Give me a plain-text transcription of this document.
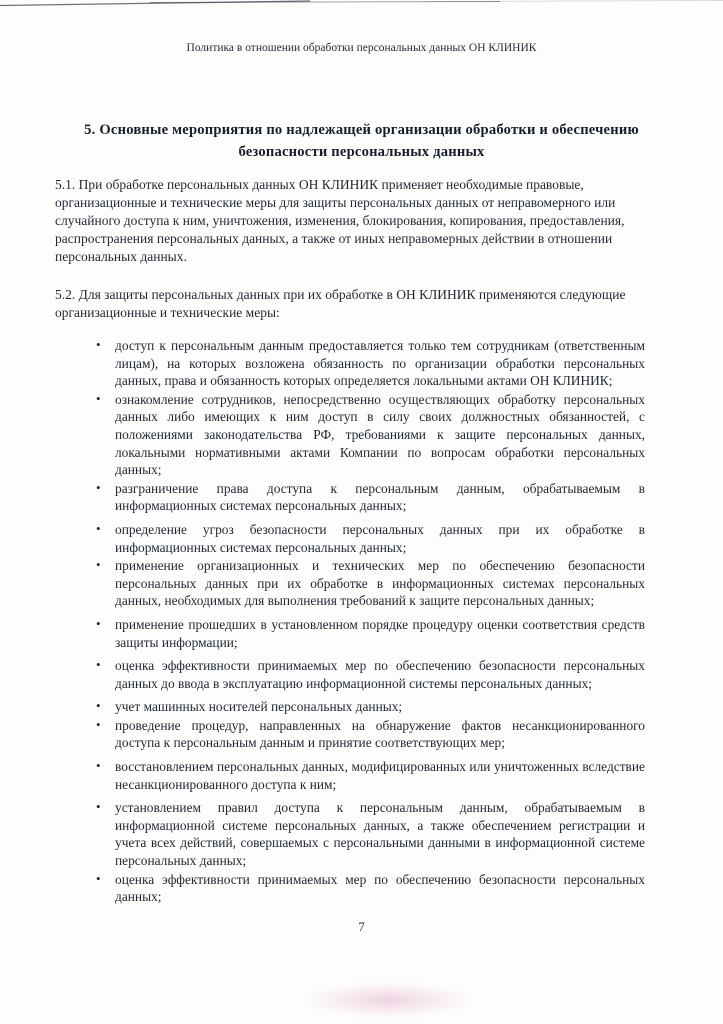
Политика в отношении обработки персональных данных ОН КЛИНИК
5. Основные мероприятия по надлежащей организации обработки и обеспечению безопасности персональных данных

5.1. При обработке персональных данных ОН КЛИНИК применяет необходимые правовые, организационные и технические меры для защиты персональных данных от неправомерного или случайного доступа к ним, уничтожения, изменения, блокирования, копирования, предоставления, распространения персональных данных, а также от иных неправомерных действии в отношении персональных данных.

5.2. Для защиты персональных данных при их обработке в ОН КЛИНИК применяются следующие организационные и технические меры:

•
доступ к персональным данным предоставляется только тем сотрудникам (ответственным лицам), на которых возложена обязанность по организации обработки персональных данных, права и обязанность которых определяется локальными актами ОН КЛИНИК;
•
ознакомление сотрудников, непосредственно осуществляющих обработку персональных данных либо имеющих к ним доступ в силу своих должностных обязанностей, с положениями законодательства РФ, требованиями к защите персональных данных, локальными нормативными актами Компании по вопросам обработки персональных данных;
•
разграничение права доступа к персональным данным, обрабатываемым в информационных системах персональных данных;
•
определение угроз безопасности персональных данных при их обработке в информационных системах персональных данных;
•
применение организационных и технических мер по обеспечению безопасности персональных данных при их обработке в информационных системах персональных данных, необходимых для выполнения требований к защите персональных данных;
•
применение прошедших в установленном порядке процедуру оценки соответствия средств защиты информации;
•
оценка эффективности принимаемых мер по обеспечению безопасности персональных данных до ввода в эксплуатацию информационной системы персональных данных;
•
учет машинных носителей персональных данных;
•
проведение процедур, направленных на обнаружение фактов несанкционированного доступа к персональным данным и принятие соответствующих мер;
•
восстановлением персональных данных, модифицированных или уничтоженных вследствие несанкционированного доступа к ним;
•
установлением правил доступа к персональным данным, обрабатываемым в информационной системе персональных данных, а также обеспечением регистрации и учета всех действий, совершаемых с персональными данными в информационной системе персональных данных;
•
оценка эффективности принимаемых мер по обеспечению безопасности персональных данных;
7
